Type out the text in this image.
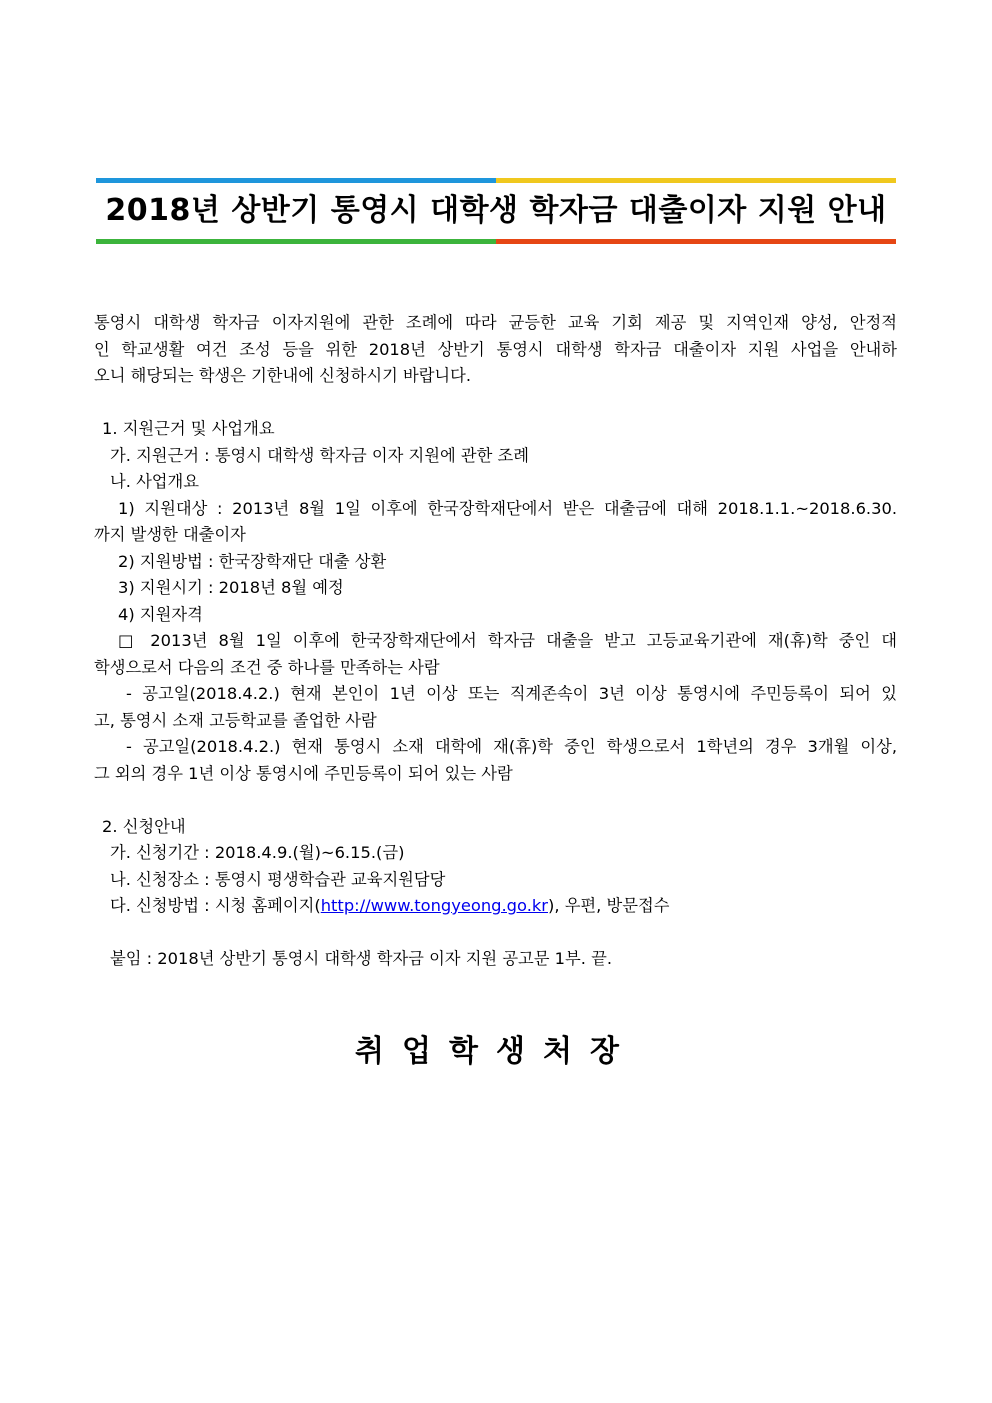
2018년 상반기 통영시 대학생 학자금 대출이자 지원 안내
통영시 대학생 학자금 이자지원에 관한 조례에 따라 균등한 교육 기회 제공 및 지역인재 양성, 안정적
인 학교생활 여건 조성 등을 위한 2018년 상반기 통영시 대학생 학자금 대출이자 지원 사업을 안내하
오니 해당되는 학생은 기한내에 신청하시기 바랍니다.
1. 지원근거 및 사업개요
가. 지원근거 : 통영시 대학생 학자금 이자 지원에 관한 조례
나. 사업개요
1) 지원대상 : 2013년 8월 1일 이후에 한국장학재단에서 받은 대출금에 대해 2018.1.1.~2018.6.30.
까지 발생한 대출이자
2) 지원방법 : 한국장학재단 대출 상환
3) 지원시기 : 2018년 8월 예정
4) 지원자격
□ 2013년 8월 1일 이후에 한국장학재단에서 학자금 대출을 받고 고등교육기관에 재(휴)학 중인 대
학생으로서 다음의 조건 중 하나를 만족하는 사람
- 공고일(2018.4.2.) 현재 본인이 1년 이상 또는 직계존속이 3년 이상 통영시에 주민등록이 되어 있
고, 통영시 소재 고등학교를 졸업한 사람
- 공고일(2018.4.2.) 현재 통영시 소재 대학에 재(휴)학 중인 학생으로서 1학년의 경우 3개월 이상,
그 외의 경우 1년 이상 통영시에 주민등록이 되어 있는 사람
2. 신청안내
가. 신청기간 : 2018.4.9.(월)~6.15.(금)
나. 신청장소 : 통영시 평생학습관 교육지원담당
다. 신청방법 : 시청 홈페이지(http://www.tongyeong.go.kr), 우편, 방문접수
붙임 : 2018년 상반기 통영시 대학생 학자금 이자 지원 공고문 1부. 끝.
취업학생처장
